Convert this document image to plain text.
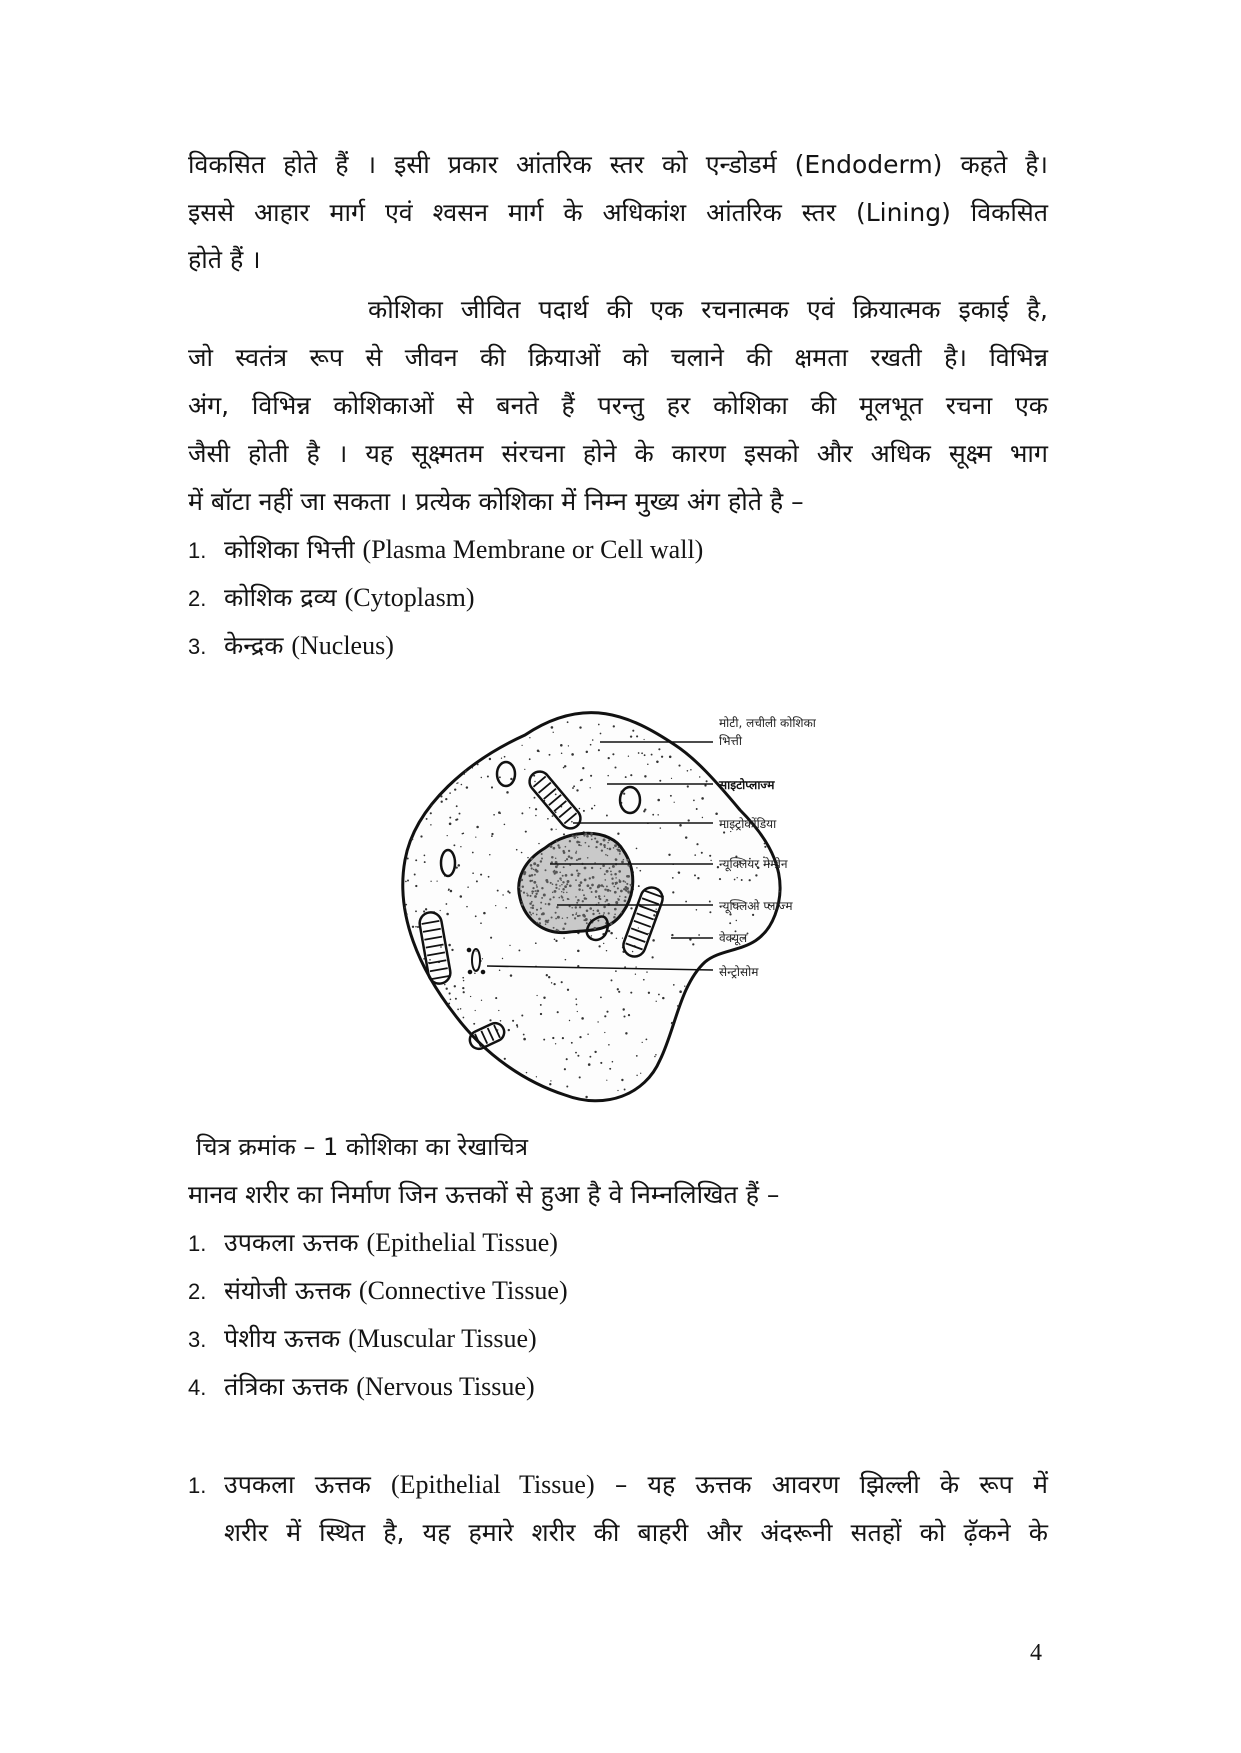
विकसित होते हैं । इसी प्रकार आंतरिक स्तर को एन्डोडर्म (Endoderm) कहते है।
इससे आहार मार्ग एवं श्वसन मार्ग के अधिकांश आंतरिक स्तर (Lining) विकसित
होते हैं ।
कोशिका जीवित पदार्थ की एक रचनात्मक एवं क्रियात्मक इकाई है,
जो स्वतंत्र रूप से जीवन की क्रियाओं को चलाने की क्षमता रखती है। विभिन्न
अंग, विभिन्न कोशिकाओं से बनते हैं परन्तु हर कोशिका की मूलभूत रचना एक
जैसी होती है । यह सूक्ष्मतम संरचना होने के कारण इसको और अधिक सूक्ष्म भाग
में बॉटा नहीं जा सकता । प्रत्येक कोशिका में निम्न मुख्य अंग होते है –
1. कोशिका भित्ती (Plasma Membrane or Cell wall)
2. कोशिक द्रव्य (Cytoplasm)
3. केन्द्रक (Nucleus)
मोटी, लचीली कोशिका
भित्ती
साइटोप्लाज्म
माइट्रोकोंडिया
न्यूक्लियर मेम्ब्रेन
न्यूक्लिओ प्लाज्म
वेक्यूल
सेन्ट्रोसोम
चित्र क्रमांक – 1 कोशिका का रेखाचित्र
मानव शरीर का निर्माण जिन ऊत्तकों से हुआ है वे निम्नलिखित हैं –
1. उपकला ऊत्तक (Epithelial Tissue)
2. संयोजी ऊत्तक (Connective Tissue)
3. पेशीय ऊत्तक (Muscular Tissue)
4. तंत्रिका ऊत्तक (Nervous Tissue)
1. उपकला ऊत्तक (Epithelial Tissue) – यह ऊत्तक आवरण झिल्ली के रूप में
शरीर में स्थित है, यह हमारे शरीर की बाहरी और अंदरूनी सतहों को ढ़ॅकने के
4
